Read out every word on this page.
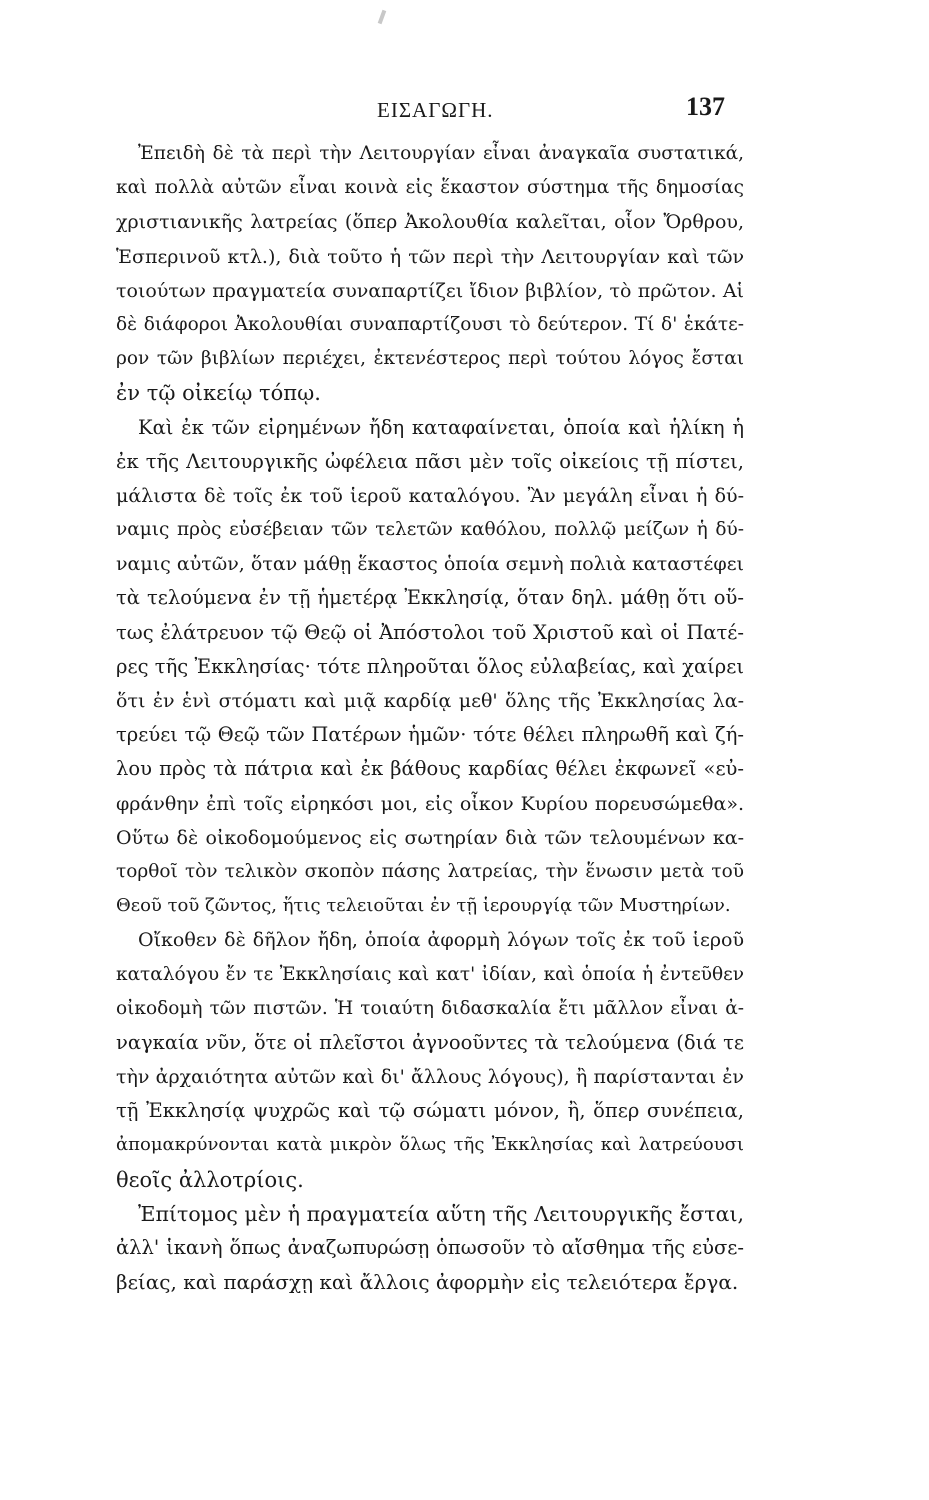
ΕΙΣΑΓΩΓΗ.	137
Ἐπειδὴ δὲ τὰ περὶ τὴν Λειτουργίαν εἶναι ἀναγκαῖα συστατικά,
καὶ πολλὰ αὐτῶν εἶναι κοινὰ εἰς ἕκαστον σύστημα τῆς δημοσίας
χριστιανικῆς λατρείας (ὅπερ Ἀκολουθία καλεῖται, οἷον Ὄρθρου,
Ἑσπερινοῦ κτλ.), διὰ τοῦτο ἡ τῶν περὶ τὴν Λειτουργίαν καὶ τῶν
τοιούτων πραγματεία συναπαρτίζει ἴδιον βιβλίον, τὸ πρῶτον. Αἱ
δὲ διάφοροι Ἀκολουθίαι συναπαρτίζουσι τὸ δεύτερον. Τί δ' ἑκάτε-
ρον τῶν βιβλίων περιέχει, ἐκτενέστερος περὶ τούτου λόγος ἔσται
ἐν τῷ οἰκείῳ τόπῳ.
Καὶ ἐκ τῶν εἰρημένων ἤδη καταφαίνεται, ὁποία καὶ ἡλίκη ἡ
ἐκ τῆς Λειτουργικῆς ὠφέλεια πᾶσι μὲν τοῖς οἰκείοις τῇ πίστει,
μάλιστα δὲ τοῖς ἐκ τοῦ ἱεροῦ καταλόγου. Ἂν μεγάλη εἶναι ἡ δύ-
ναμις πρὸς εὐσέβειαν τῶν τελετῶν καθόλου, πολλῷ μείζων ἡ δύ-
ναμις αὐτῶν, ὅταν μάθῃ ἕκαστος ὁποία σεμνὴ πολιὰ καταστέφει
τὰ τελούμενα ἐν τῇ ἡμετέρᾳ Ἐκκλησίᾳ, ὅταν δηλ. μάθῃ ὅτι οὕ-
τως ἐλάτρευον τῷ Θεῷ οἱ Ἀπόστολοι τοῦ Χριστοῦ καὶ οἱ Πατέ-
ρες τῆς Ἐκκλησίας· τότε πληροῦται ὅλος εὐλαβείας, καὶ χαίρει
ὅτι ἐν ἑνὶ στόματι καὶ μιᾷ καρδίᾳ μεθ' ὅλης τῆς Ἐκκλησίας λα-
τρεύει τῷ Θεῷ τῶν Πατέρων ἡμῶν· τότε θέλει πληρωθῆ καὶ ζή-
λου πρὸς τὰ πάτρια καὶ ἐκ βάθους καρδίας θέλει ἐκφωνεῖ «εὐ-
φράνθην ἐπὶ τοῖς εἰρηκόσι μοι, εἰς οἶκον Κυρίου πορευσώμεθα».
Οὕτω δὲ οἰκοδομούμενος εἰς σωτηρίαν διὰ τῶν τελουμένων κα-
τορθοῖ τὸν τελικὸν σκοπὸν πάσης λατρείας, τὴν ἕνωσιν μετὰ τοῦ
Θεοῦ τοῦ ζῶντος, ἥτις τελειοῦται ἐν τῇ ἱερουργίᾳ τῶν Μυστηρίων.
Οἴκοθεν δὲ δῆλον ἤδη, ὁποία ἀφορμὴ λόγων τοῖς ἐκ τοῦ ἱεροῦ
καταλόγου ἔν τε Ἐκκλησίαις καὶ κατ' ἰδίαν, καὶ ὁποία ἡ ἐντεῦθεν
οἰκοδομὴ τῶν πιστῶν. Ἡ τοιαύτη διδασκαλία ἔτι μᾶλλον εἶναι ἀ-
ναγκαία νῦν, ὅτε οἱ πλεῖστοι ἀγνοοῦντες τὰ τελούμενα (διά τε
τὴν ἀρχαιότητα αὐτῶν καὶ δι' ἄλλους λόγους), ἢ παρίστανται ἐν
τῇ Ἐκκλησίᾳ ψυχρῶς καὶ τῷ σώματι μόνον, ἢ, ὅπερ συνέπεια,
ἀπομακρύνονται κατὰ μικρὸν ὅλως τῆς Ἐκκλησίας καὶ λατρεύουσι
θεοῖς ἀλλοτρίοις.
Ἐπίτομος μὲν ἡ πραγματεία αὕτη τῆς Λειτουργικῆς ἔσται,
ἀλλ' ἱκανὴ ὅπως ἀναζωπυρώσῃ ὁπωσοῦν τὸ αἴσθημα τῆς εὐσε-
βείας, καὶ παράσχῃ καὶ ἄλλοις ἀφορμὴν εἰς τελειότερα ἔργα.
